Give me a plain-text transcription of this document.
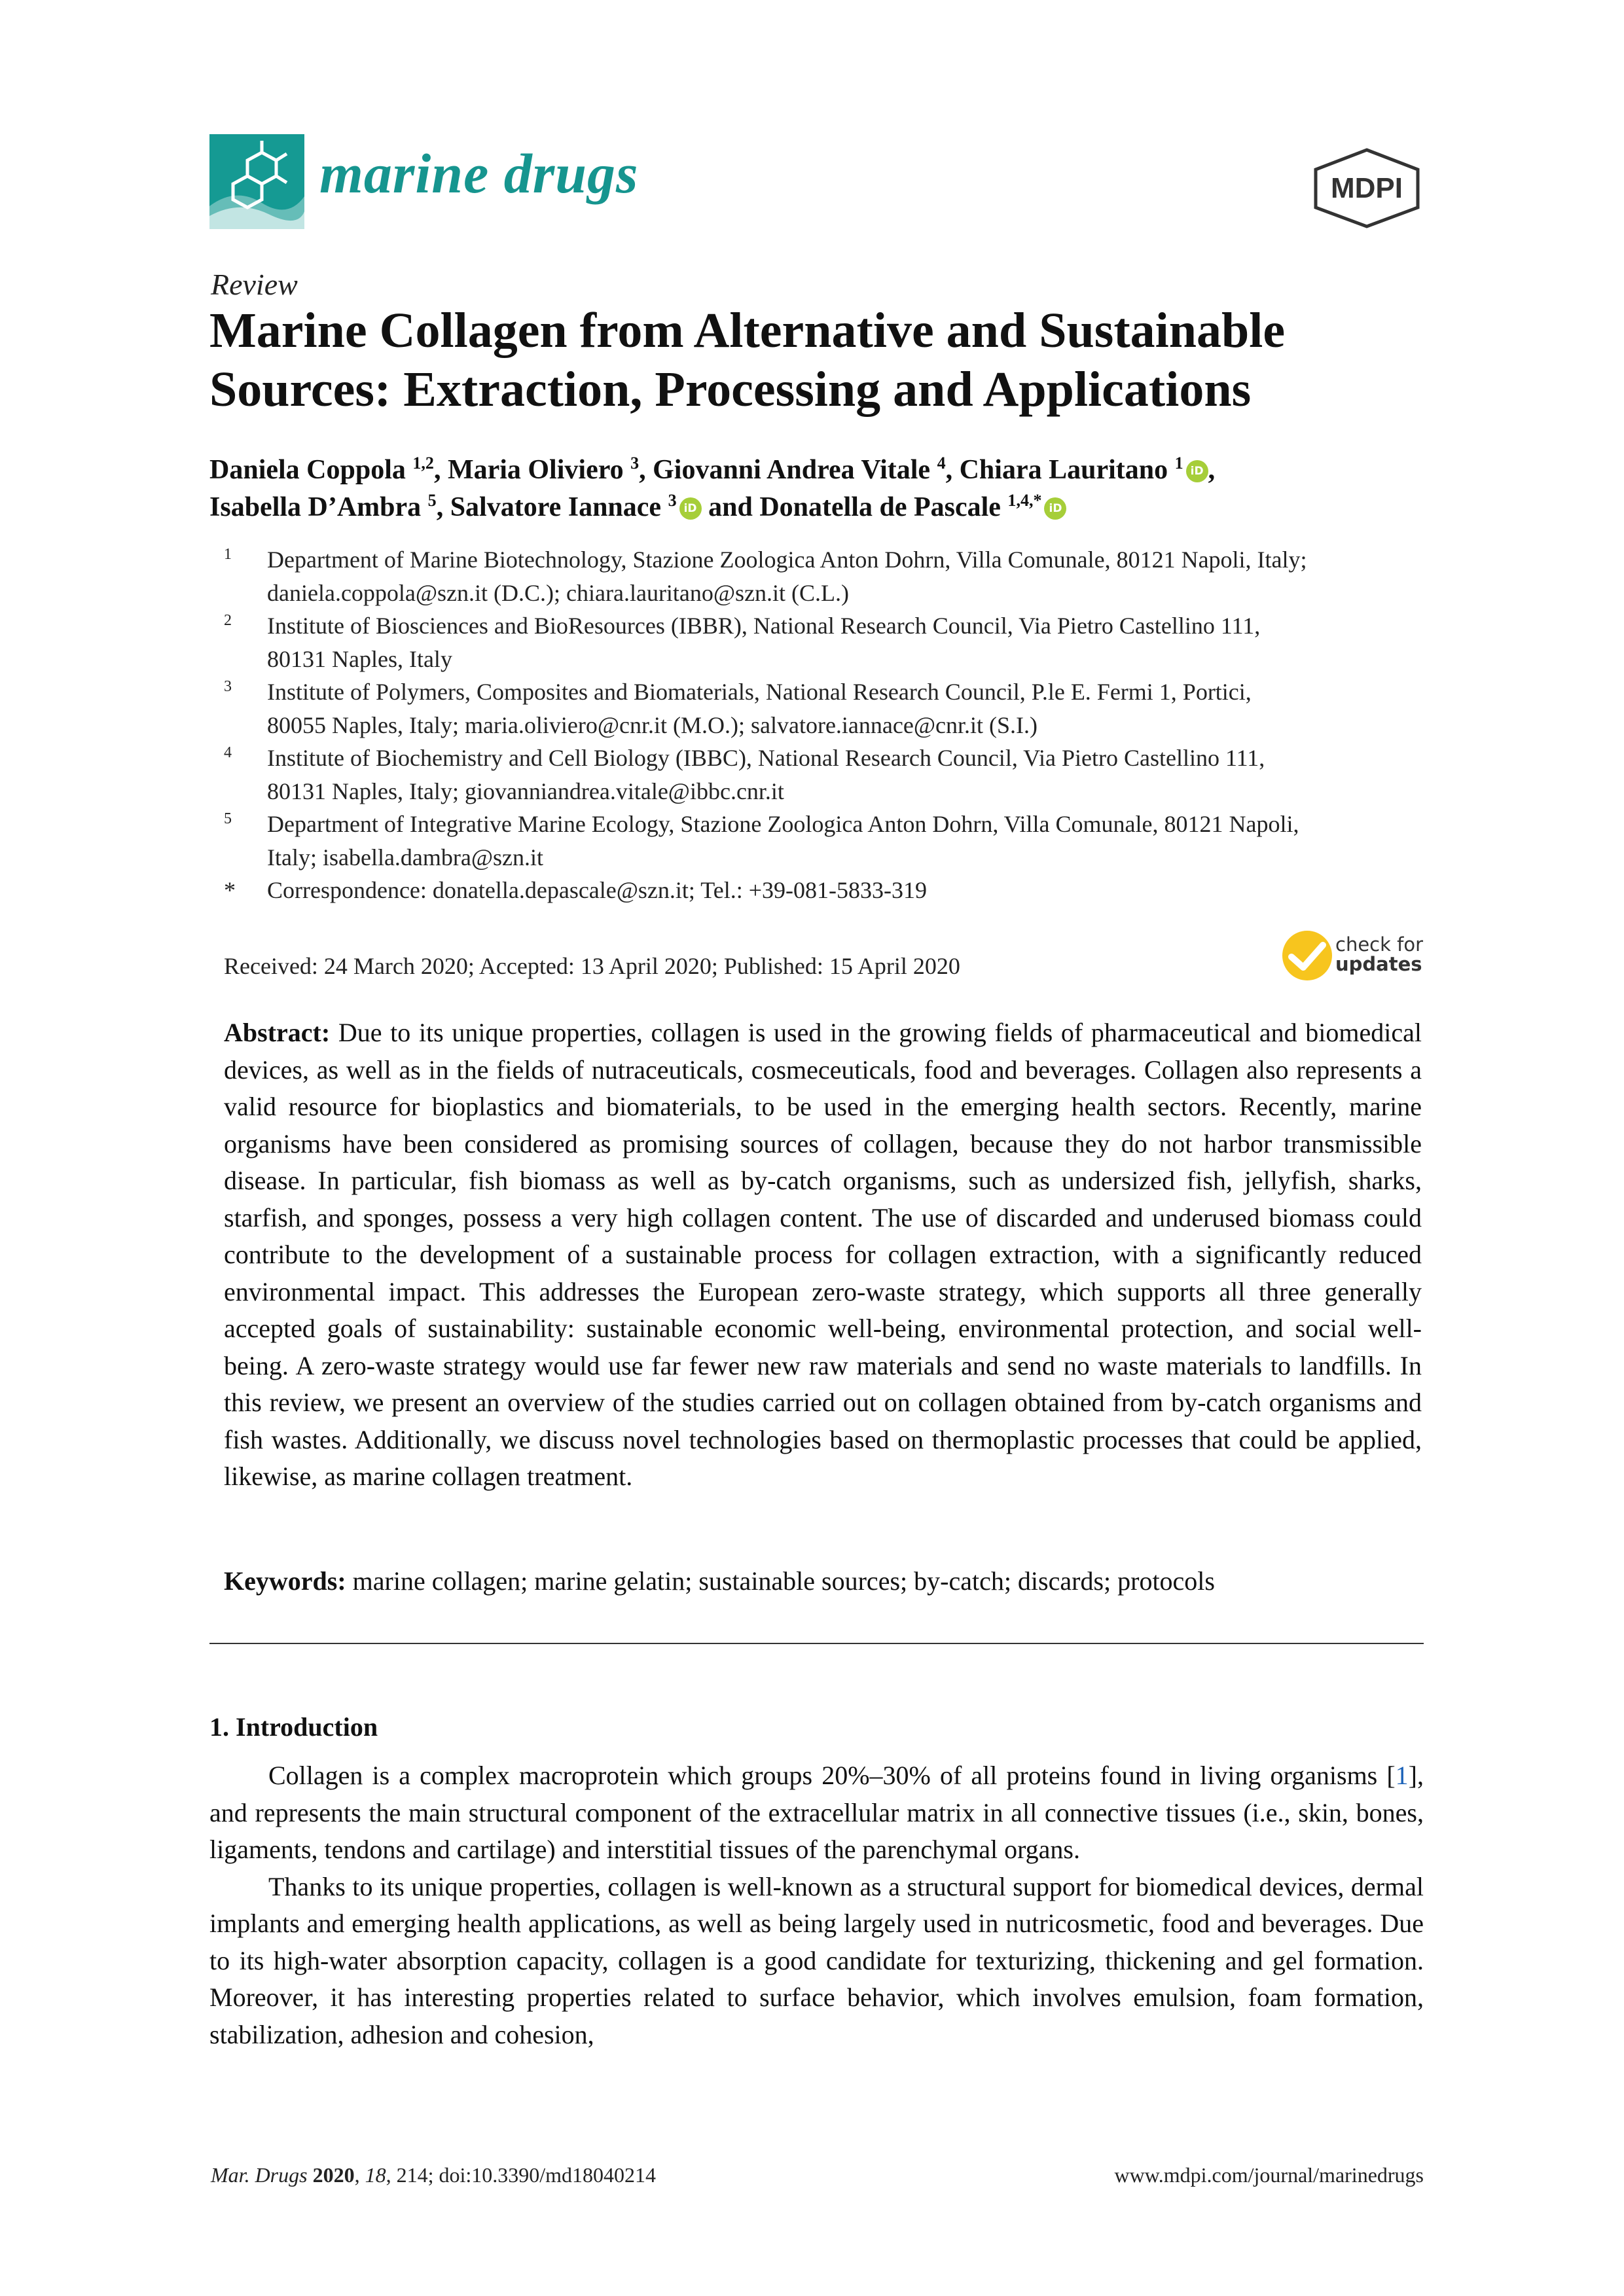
marine drugs	MDPI
Review
Marine Collagen from Alternative and Sustainable
Sources: Extraction, Processing and Applications
Daniela Coppola $^{1,2}$, Maria Oliviero $^3$, Giovanni Andrea Vitale $^4$, Chiara Lauritano $^1$ iD ,
Isabella D’Ambra $^5$, Salvatore Iannace $^3$ iD and Donatella de Pascale $^{1,4,*}$ iD
1 Department of Marine Biotechnology, Stazione Zoologica Anton Dohrn, Villa Comunale, 80121 Napoli, Italy;
daniela.coppola@szn.it (D.C.); chiara.lauritano@szn.it (C.L.)
2 Institute of Biosciences and BioResources (IBBR), National Research Council, Via Pietro Castellino 111,
80131 Naples, Italy
3 Institute of Polymers, Composites and Biomaterials, National Research Council, P.le E. Fermi 1, Portici,
80055 Naples, Italy; maria.oliviero@cnr.it (M.O.); salvatore.iannace@cnr.it (S.I.)
4 Institute of Biochemistry and Cell Biology (IBBC), National Research Council, Via Pietro Castellino 111,
80131 Naples, Italy; giovanniandrea.vitale@ibbc.cnr.it
5 Department of Integrative Marine Ecology, Stazione Zoologica Anton Dohrn, Villa Comunale, 80121 Napoli,
Italy; isabella.dambra@szn.it
* Correspondence: donatella.depascale@szn.it; Tel.: +39-081-5833-319
Received: 24 March 2020; Accepted: 13 April 2020; Published: 15 April 2020
check for
updates
Abstract: Due to its unique properties, collagen is used in the growing fields of pharmaceutical and biomedical devices, as well as in the fields of nutraceuticals, cosmeceuticals, food and beverages. Collagen also represents a valid resource for bioplastics and biomaterials, to be used in the emerging health sectors. Recently, marine organisms have been considered as promising sources of collagen, because they do not harbor transmissible disease. In particular, fish biomass as well as by-catch organisms, such as undersized fish, jellyfish, sharks, starfish, and sponges, possess a very high collagen content. The use of discarded and underused biomass could contribute to the development of a sustainable process for collagen extraction, with a significantly reduced environmental impact. This addresses the European zero-waste strategy, which supports all three generally accepted goals of sustainability: sustainable economic well-being, environmental protection, and social well-being. A zero-waste strategy would use far fewer new raw materials and send no waste materials to landfills. In this review, we present an overview of the studies carried out on collagen obtained from by-catch organisms and fish wastes. Additionally, we discuss novel technologies based on thermoplastic processes that could be applied, likewise, as marine collagen treatment.
Keywords: marine collagen; marine gelatin; sustainable sources; by-catch; discards; protocols
1. Introduction

Collagen is a complex macroprotein which groups 20%–30% of all proteins found in living organisms [1], and represents the main structural component of the extracellular matrix in all connective tissues (i.e., skin, bones, ligaments, tendons and cartilage) and interstitial tissues of the parenchymal organs.

Thanks to its unique properties, collagen is well-known as a structural support for biomedical devices, dermal implants and emerging health applications, as well as being largely used in nutricosmetic, food and beverages. Due to its high-water absorption capacity, collagen is a good candidate for texturizing, thickening and gel formation. Moreover, it has interesting properties related to surface behavior, which involves emulsion, foam formation, stabilization, adhesion and cohesion,

Mar. Drugs 2020, 18, 214; doi:10.3390/md18040214	www.mdpi.com/journal/marinedrugs
